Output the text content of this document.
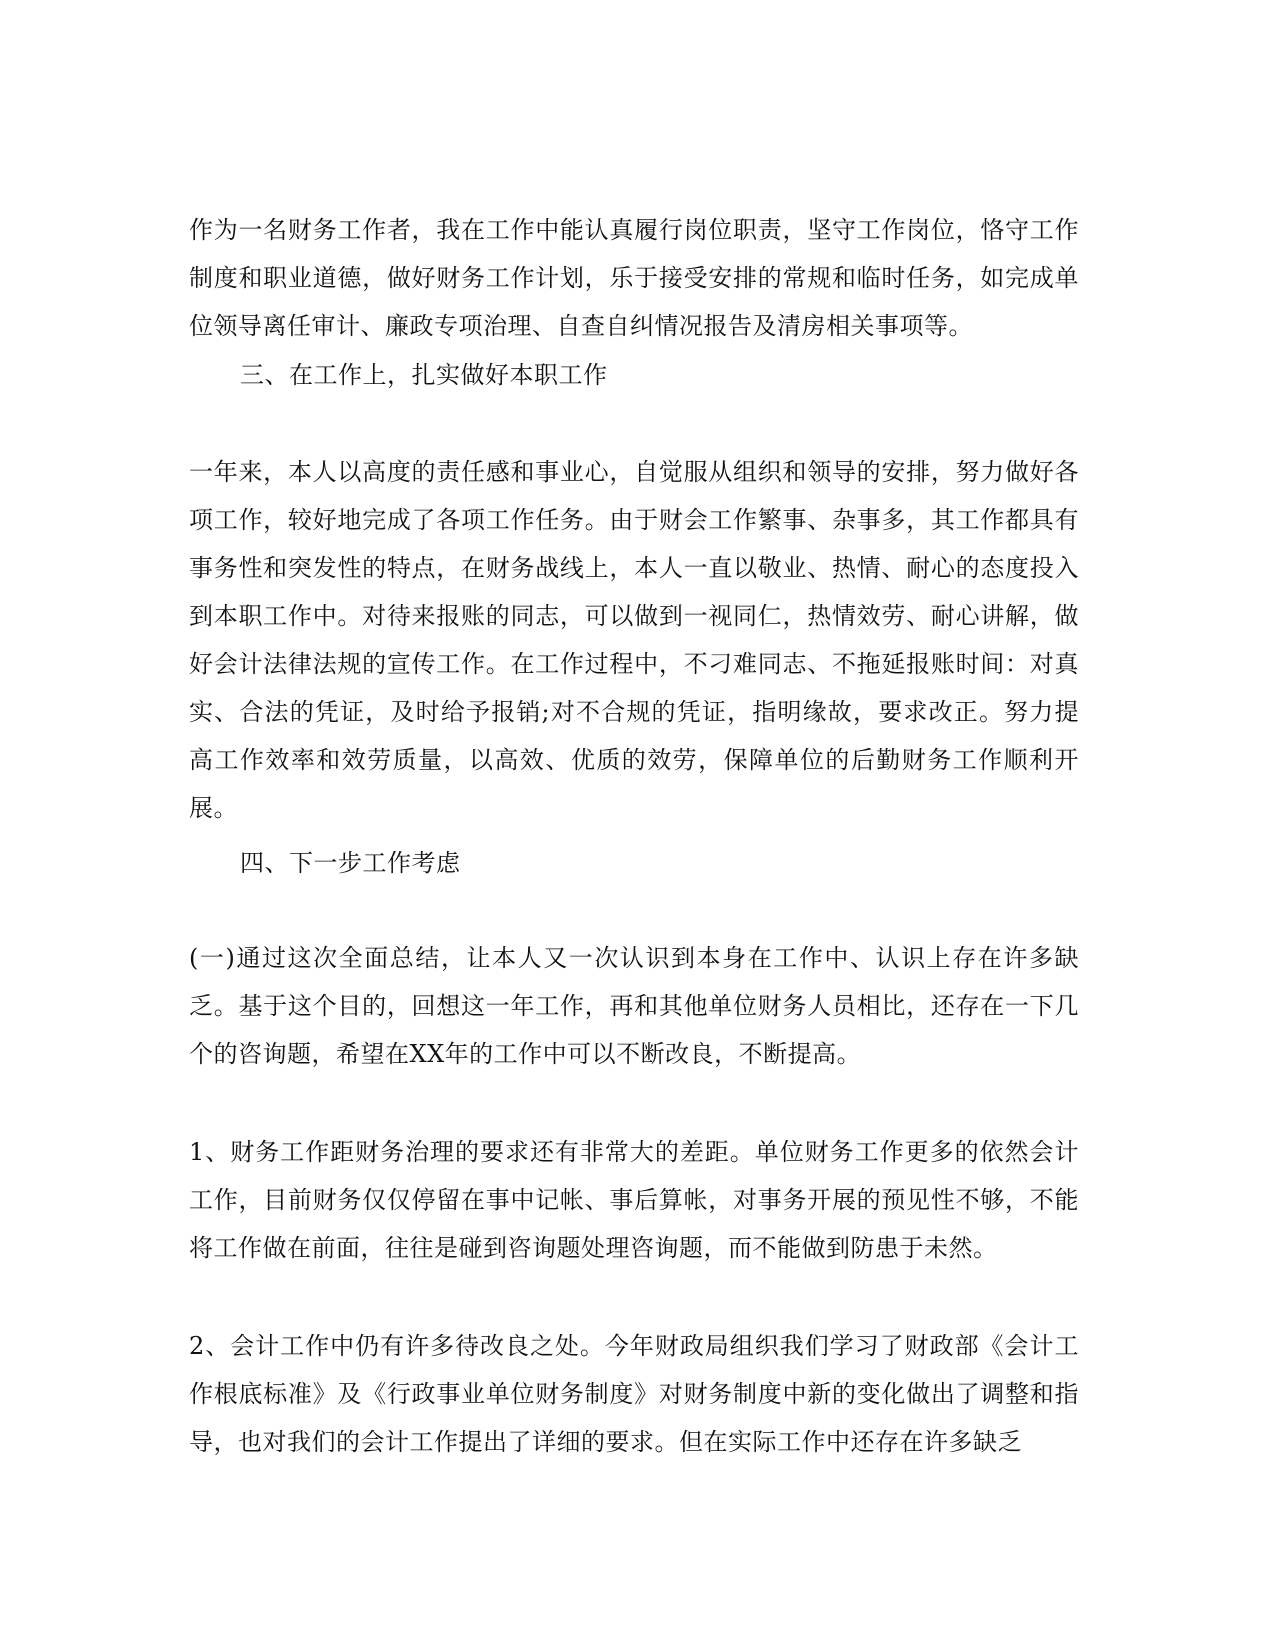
作为一名财务工作者，我在工作中能认真履行岗位职责，坚守工作岗位，恪守工作制度和职业道德，做好财务工作计划，乐于接受安排的常规和临时任务，如完成单位领导离任审计、廉政专项治理、自查自纠情况报告及清房相关事项等。

三、在工作上，扎实做好本职工作

一年来，本人以高度的责任感和事业心，自觉服从组织和领导的安排，努力做好各项工作，较好地完成了各项工作任务。由于财会工作繁事、杂事多，其工作都具有事务性和突发性的特点，在财务战线上，本人一直以敬业、热情、耐心的态度投入到本职工作中。对待来报账的同志，可以做到一视同仁，热情效劳、耐心讲解，做好会计法律法规的宣传工作。在工作过程中，不刁难同志、不拖延报账时间：对真实、合法的凭证，及时给予报销;对不合规的凭证，指明缘故，要求改正。努力提高工作效率和效劳质量，以高效、优质的效劳，保障单位的后勤财务工作顺利开展。

四、下一步工作考虑

(一)通过这次全面总结，让本人又一次认识到本身在工作中、认识上存在许多缺乏。基于这个目的，回想这一年工作，再和其他单位财务人员相比，还存在一下几个的咨询题，希望在XX年的工作中可以不断改良，不断提高。

1、财务工作距财务治理的要求还有非常大的差距。单位财务工作更多的依然会计工作，目前财务仅仅停留在事中记帐、事后算帐，对事务开展的预见性不够，不能将工作做在前面，往往是碰到咨询题处理咨询题，而不能做到防患于未然。

2、会计工作中仍有许多待改良之处。今年财政局组织我们学习了财政部《会计工作根底标准》及《行政事业单位财务制度》对财务制度中新的变化做出了调整和指导，也对我们的会计工作提出了详细的要求。但在实际工作中还存在许多缺乏
